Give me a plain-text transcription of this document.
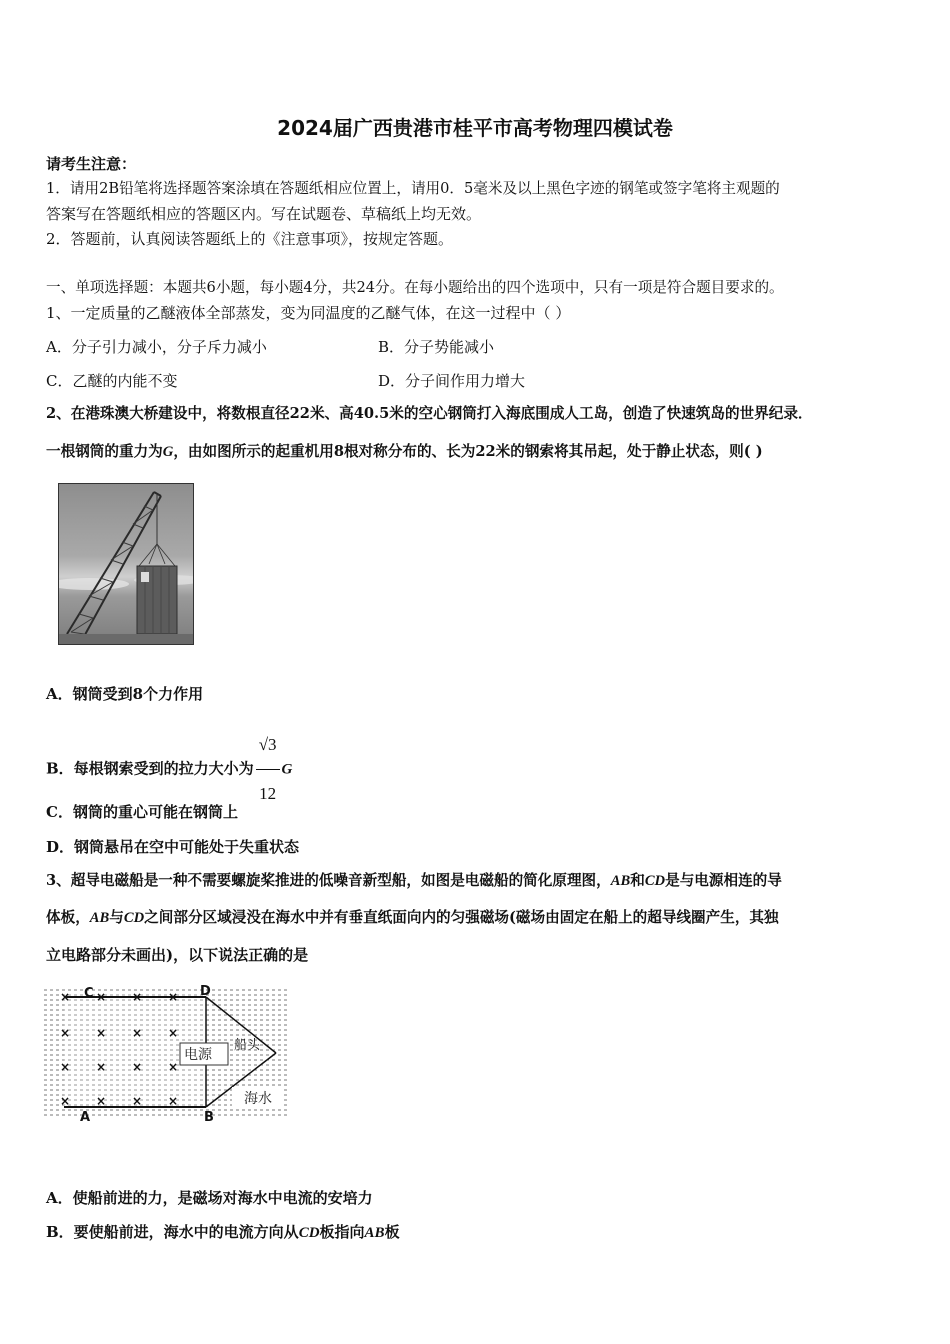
2024届广西贵港市桂平市高考物理四模试卷
请考生注意：
1．请用2B铅笔将选择题答案涂填在答题纸相应位置上，请用0．5毫米及以上黑色字迹的钢笔或签字笔将主观题的
答案写在答题纸相应的答题区内。写在试题卷、草稿纸上均无效。
2．答题前，认真阅读答题纸上的《注意事项》，按规定答题。
一、单项选择题：本题共6小题，每小题4分，共24分。在每小题给出的四个选项中，只有一项是符合题目要求的。
1、一定质量的乙醚液体全部蒸发，变为同温度的乙醚气体，在这一过程中（ ）
A．分子引力减小，分子斥力减小	B．分子势能减小
C．乙醚的内能不变	D．分子间作用力增大
2、在港珠澳大桥建设中，将数根直径22米、高40.5米的空心钢筒打入海底围成人工岛，创造了快速筑岛的世界纪录．
一根钢筒的重力为G，由如图所示的起重机用8根对称分布的、长为22米的钢索将其吊起，处于静止状态，则( )
A．钢筒受到8个力作用
B．每根钢索受到的拉力大小为 $\frac{√3}{12}$ G
C．钢筒的重心可能在钢筒上
D．钢筒悬吊在空中可能处于失重状态
3、超导电磁船是一种不需要螺旋桨推进的低噪音新型船，如图是电磁船的简化原理图，AB和CD是与电源相连的导
体板，AB与CD之间部分区域浸没在海水中并有垂直纸面向内的匀强磁场(磁场由固定在船上的超导线圈产生，其独
立电路部分未画出)，以下说法正确的是
C	D
A	B
电源
海水
船头
× × × ×
× × × ×
× × × ×
× × × ×
A．使船前进的力，是磁场对海水中电流的安培力
B．要使船前进，海水中的电流方向从CD板指向AB板
